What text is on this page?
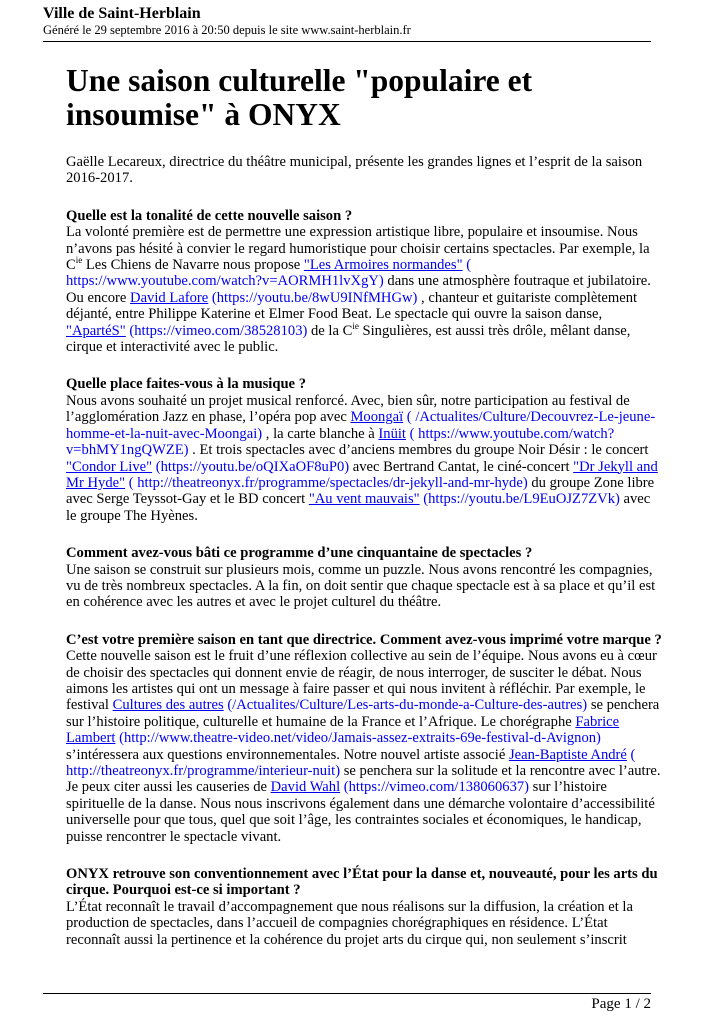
Ville de Saint-Herblain
Généré le 29 septembre 2016 à 20:50 depuis le site www.saint-herblain.fr
Une saison culturelle "populaire et insoumise" à ONYX

Gaëlle Lecareux, directrice du théâtre municipal, présente les grandes lignes et l’esprit de la saison 2016-2017.

Quelle est la tonalité de cette nouvelle saison ?

La volonté première est de permettre une expression artistique libre, populaire et insoumise. Nous n’avons pas hésité à convier le regard humoristique pour choisir certains spectacles. Par exemple, la $C^{ie}$ Les Chiens de Navarre nous propose "Les Armoires normandes" ( https://www.youtube.com/watch?v=AORMH1lvXgY) dans une atmosphère foutraque et jubilatoire. Ou encore David Lafore (https://youtu.be/8wU9INfMHGw) , chanteur et guitariste complètement déjanté, entre Philippe Katerine et Elmer Food Beat. Le spectacle qui ouvre la saison danse, "ApartéS" (https://vimeo.com/38528103) de la $C^{ie}$ Singulières, est aussi très drôle, mêlant danse, cirque et interactivité avec le public.

Quelle place faites-vous à la musique ?

Nous avons souhaité un projet musical renforcé. Avec, bien sûr, notre participation au festival de l’agglomération Jazz en phase, l’opéra pop avec Moongaï ( /Actualites/Culture/Decouvrez-Le-jeune-homme-et-la-nuit-avec-Moongai) , la carte blanche à Inüit ( https://www.youtube.com/watch?v=bhMY1ngQWZE) . Et trois spectacles avec d’anciens membres du groupe Noir Désir : le concert "Condor Live" (https://youtu.be/oQIXaOF8uP0) avec Bertrand Cantat, le ciné-concert "Dr Jekyll and Mr Hyde" ( http://theatreonyx.fr/programme/spectacles/dr-jekyll-and-mr-hyde) du groupe Zone libre avec Serge Teyssot-Gay et le BD concert "Au vent mauvais" (https://youtu.be/L9EuOJZ7ZVk) avec le groupe The Hyènes.

Comment avez-vous bâti ce programme d’une cinquantaine de spectacles ?

Une saison se construit sur plusieurs mois, comme un puzzle. Nous avons rencontré les compagnies, vu de très nombreux spectacles. A la fin, on doit sentir que chaque spectacle est à sa place et qu’il est en cohérence avec les autres et avec le projet culturel du théâtre.

C’est votre première saison en tant que directrice. Comment avez-vous imprimé votre marque ?

Cette nouvelle saison est le fruit d’une réflexion collective au sein de l’équipe. Nous avons eu à cœur de choisir des spectacles qui donnent envie de réagir, de nous interroger, de susciter le débat. Nous aimons les artistes qui ont un message à faire passer et qui nous invitent à réfléchir. Par exemple, le festival Cultures des autres (/Actualites/Culture/Les-arts-du-monde-a-Culture-des-autres) se penchera sur l’histoire politique, culturelle et humaine de la France et l’Afrique. Le chorégraphe Fabrice Lambert (http://www.theatre-video.net/video/Jamais-assez-extraits-69e-festival-d-Avignon) s’intéressera aux questions environnementales. Notre nouvel artiste associé Jean-Baptiste André ( http://theatreonyx.fr/programme/interieur-nuit) se penchera sur la solitude et la rencontre avec l’autre. Je peux citer aussi les causeries de David Wahl (https://vimeo.com/138060637) sur l’histoire spirituelle de la danse. Nous nous inscrivons également dans une démarche volontaire d’accessibilité universelle pour que tous, quel que soit l’âge, les contraintes sociales et économiques, le handicap, puisse rencontrer le spectacle vivant.

ONYX retrouve son conventionnement avec l’État pour la danse et, nouveauté, pour les arts du cirque. Pourquoi est-ce si important ?

L’État reconnaît le travail d’accompagnement que nous réalisons sur la diffusion, la création et la production de spectacles, dans l’accueil de compagnies chorégraphiques en résidence. L’État reconnaît aussi la pertinence et la cohérence du projet arts du cirque qui, non seulement s’inscrit

Page 1 / 2
